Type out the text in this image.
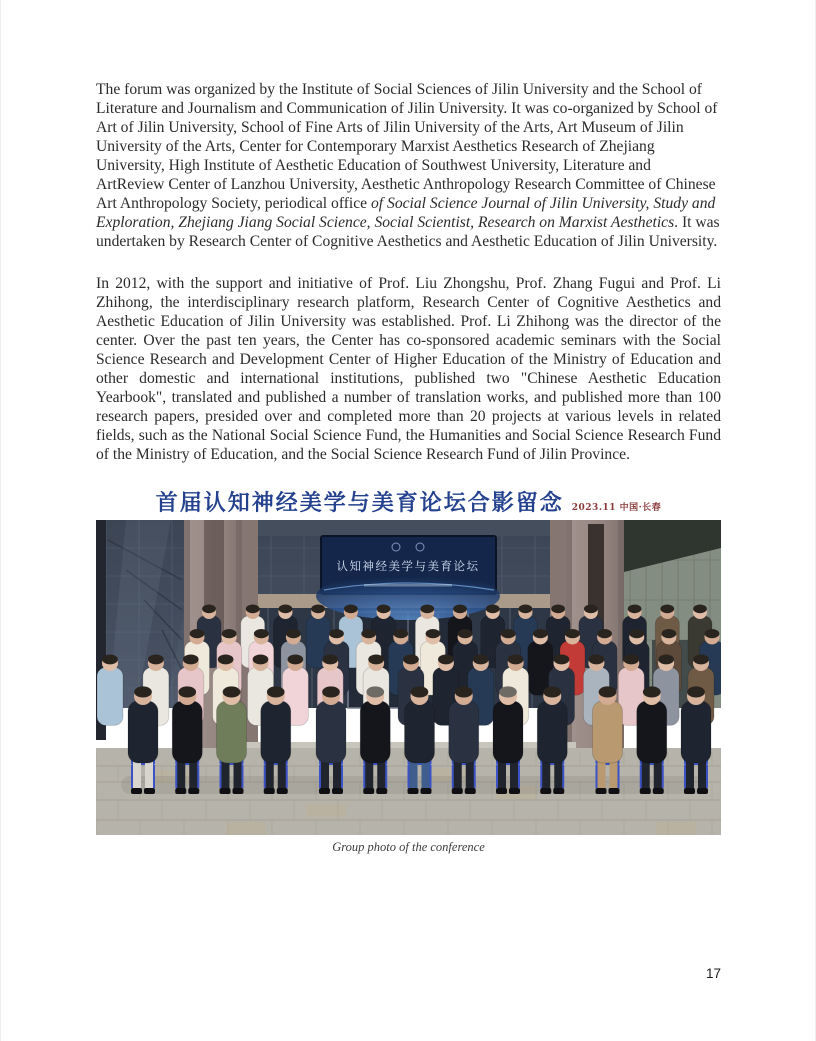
The forum was organized by the Institute of Social Sciences of Jilin University and the School of Literature and Journalism and Communication of Jilin University. It was co-organized by School of Art of Jilin University, School of Fine Arts of Jilin University of the Arts, Art Museum of Jilin University of the Arts, Center for Contemporary Marxist Aesthetics Research of Zhejiang University, High Institute of Aesthetic Education of Southwest University, Literature and ArtReview Center of Lanzhou University, Aesthetic Anthropology Research Committee of Chinese Art Anthropology Society, periodical office of Social Science Journal of Jilin University, Study and Exploration, Zhejiang Jiang Social Science, Social Scientist, Research on Marxist Aesthetics. It was undertaken by Research Center of Cognitive Aesthetics and Aesthetic Education of Jilin University.

In 2012, with the support and initiative of Prof. Liu Zhongshu, Prof. Zhang Fugui and Prof. Li Zhihong, the interdisciplinary research platform, Research Center of Cognitive Aesthetics and Aesthetic Education of Jilin University was established. Prof. Li Zhihong was the director of the center. Over the past ten years, the Center has co-sponsored academic seminars with the Social Science Research and Development Center of Higher Education of the Ministry of Education and other domestic and international institutions, published two "Chinese Aesthetic Education Yearbook", translated and published a number of translation works, and published more than 100 research papers, presided over and completed more than 20 projects at various levels in related fields, such as the National Social Science Fund, the Humanities and Social Science Research Fund of the Ministry of Education, and the Social Science Research Fund of Jilin Province.

首届认知神经美学与美育论坛合影留念 2023.11 中国·长春
认知神经美学与美育论坛
Group photo of the conference
17
